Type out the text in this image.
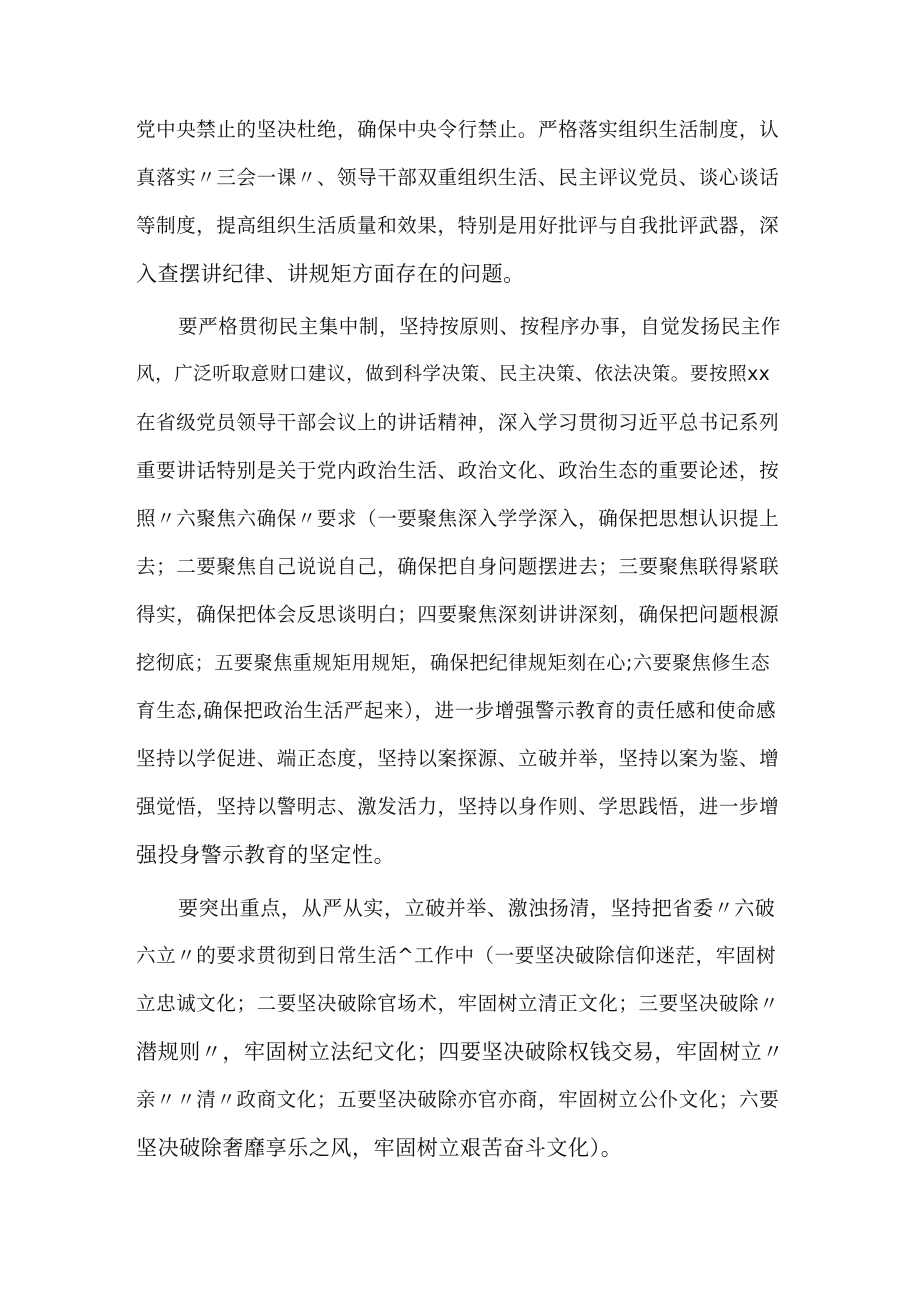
党中央禁止的坚决杜绝，确保中央令行禁止。严格落实组织生活制度，认
真落实〃三会一课〃、领导干部双重组织生活、民主评议党员、谈心谈话
等制度，提高组织生活质量和效果，特别是用好批评与自我批评武器，深
入查摆讲纪律、讲规矩方面存在的问题。
要严格贯彻民主集中制，坚持按原则、按程序办事，自觉发扬民主作
风，广泛听取意财口建议，做到科学决策、民主决策、依法决策。要按照xx
在省级党员领导干部会议上的讲话精神，深入学习贯彻习近平总书记系列
重要讲话特别是关于党内政治生活、政治文化、政治生态的重要论述，按
照〃六聚焦六确保〃要求（一要聚焦深入学学深入，确保把思想认识提上
去；二要聚焦自己说说自己，确保把自身问题摆进去；三要聚焦联得紧联
得实，确保把体会反思谈明白；四要聚焦深刻讲讲深刻，确保把问题根源
挖彻底；五要聚焦重规矩用规矩，确保把纪律规矩刻在心;六要聚焦修生态
育生态,确保把政治生活严起来），进一步增强警示教育的责任感和使命感
坚持以学促进、端正态度，坚持以案探源、立破并举，坚持以案为鉴、增
强觉悟，坚持以警明志、激发活力，坚持以身作则、学思践悟，进一步增
强投身警示教育的坚定性。
要突出重点，从严从实，立破并举、激浊扬清，坚持把省委〃六破
六立〃的要求贯彻到日常生活^工作中（一要坚决破除信仰迷茫，牢固树
立忠诚文化；二要坚决破除官场术，牢固树立清正文化；三要坚决破除〃
潜规则〃，牢固树立法纪文化；四要坚决破除权钱交易，牢固树立〃
亲〃〃清〃政商文化；五要坚决破除亦官亦商，牢固树立公仆文化；六要
坚决破除奢靡享乐之风，牢固树立艰苦奋斗文化）。
